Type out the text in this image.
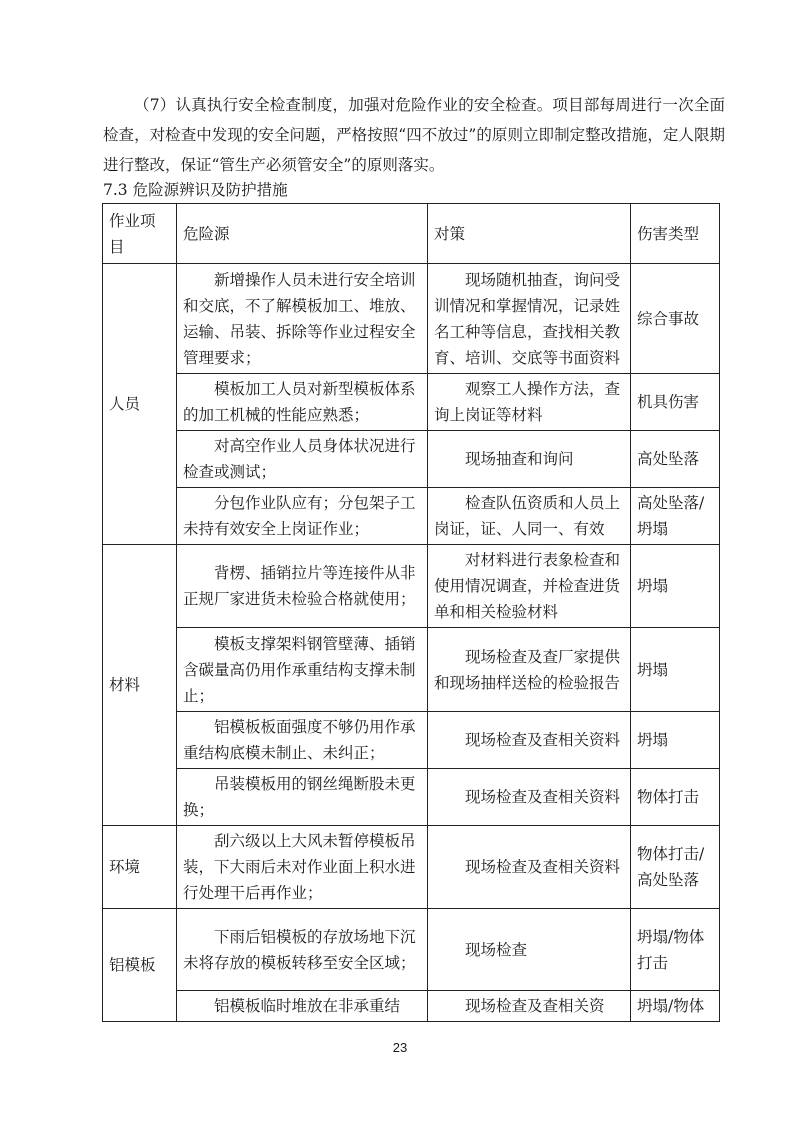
（7）认真执行安全检查制度，加强对危险作业的安全检查。项目部每周进行一次全面检查，对检查中发现的安全问题，严格按照“四不放过”的原则立即制定整改措施，定人限期进行整改，保证“管生产必须管安全”的原则落实。

7.3 危险源辨识及防护措施
作业项目	危险源	对策	伤害类型
人员	新增操作人员未进行安全培训和交底，不了解模板加工、堆放、运输、吊装、拆除等作业过程安全管理要求；	现场随机抽查，询问受训情况和掌握情况，记录姓名工种等信息，查找相关教育、培训、交底等书面资料	综合事故
	模板加工人员对新型模板体系的加工机械的性能应熟悉；	观察工人操作方法，查询上岗证等材料	机具伤害
	对高空作业人员身体状况进行检查或测试；	现场抽查和询问	高处坠落
	分包作业队应有；分包架子工未持有效安全上岗证作业；	检查队伍资质和人员上岗证，证、人同一、有效	高处坠落/坍塌
材料	背楞、插销拉片等连接件从非正规厂家进货未检验合格就使用；	对材料进行表象检查和使用情况调查，并检查进货单和相关检验材料	坍塌
	模板支撑架料钢管壁薄、插销含碳量高仍用作承重结构支撑未制止；	现场检查及查厂家提供和现场抽样送检的检验报告	坍塌
	铝模板板面强度不够仍用作承重结构底模未制止、未纠正；	现场检查及查相关资料	坍塌
	吊装模板用的钢丝绳断股未更换；	现场检查及查相关资料	物体打击
环境	刮六级以上大风未暂停模板吊装，下大雨后未对作业面上积水进行处理干后再作业；	现场检查及查相关资料	物体打击/高处坠落
铝模板	下雨后铝模板的存放场地下沉未将存放的模板转移至安全区域；	现场检查	坍塌/物体打击
	铝模板临时堆放在非承重结	现场检查及查相关资	坍塌/物体
23
